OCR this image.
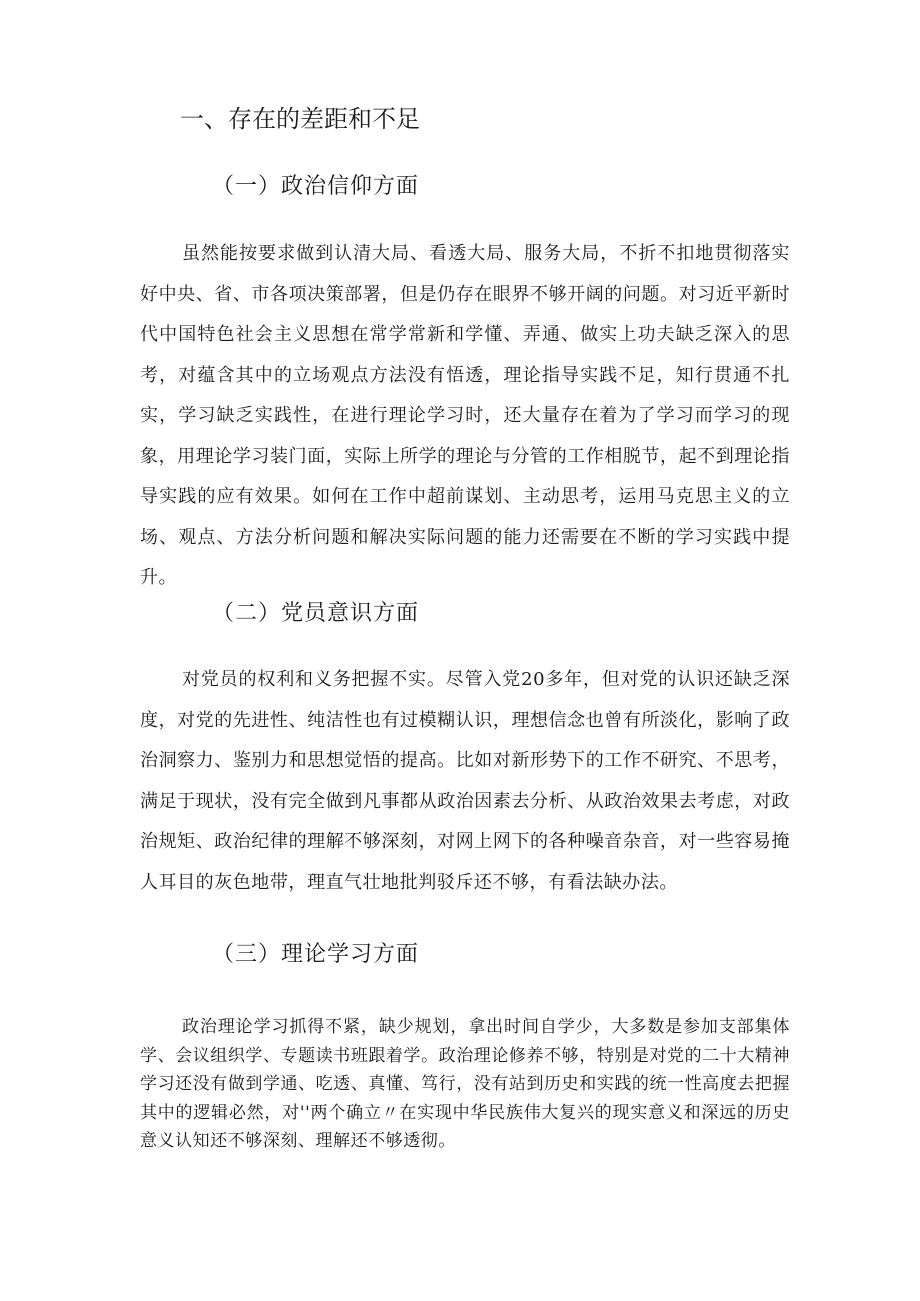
一、存在的差距和不足
（一）政治信仰方面

虽然能按要求做到认清大局、看透大局、服务大局，不折不扣地贯彻落实好中央、省、市各项决策部署，但是仍存在眼界不够开阔的问题。对习近平新时代中国特色社会主义思想在常学常新和学懂、弄通、做实上功夫缺乏深入的思考，对蕴含其中的立场观点方法没有悟透，理论指导实践不足，知行贯通不扎实，学习缺乏实践性，在进行理论学习时，还大量存在着为了学习而学习的现象，用理论学习装门面，实际上所学的理论与分管的工作相脱节，起不到理论指导实践的应有效果。如何在工作中超前谋划、主动思考，运用马克思主义的立场、观点、方法分析问题和解决实际问题的能力还需要在不断的学习实践中提升。

（二）党员意识方面

对党员的权利和义务把握不实。尽管入党20多年，但对党的认识还缺乏深度，对党的先进性、纯洁性也有过模糊认识，理想信念也曾有所淡化，影响了政治洞察力、鉴别力和思想觉悟的提高。比如对新形势下的工作不研究、不思考，满足于现状，没有完全做到凡事都从政治因素去分析、从政治效果去考虑，对政治规矩、政治纪律的理解不够深刻，对网上网下的各种噪音杂音，对一些容易掩人耳目的灰色地带，理直气壮地批判驳斥还不够，有看法缺办法。

（三）理论学习方面

政治理论学习抓得不紧，缺少规划，拿出时间自学少，大多数是参加支部集体学、会议组织学、专题读书班跟着学。政治理论修养不够，特别是对党的二十大精神学习还没有做到学通、吃透、真懂、笃行，没有站到历史和实践的统一性高度去把握其中的逻辑必然，对''两个确立〃在实现中华民族伟大复兴的现实意义和深远的历史意义认知还不够深刻、理解还不够透彻。
